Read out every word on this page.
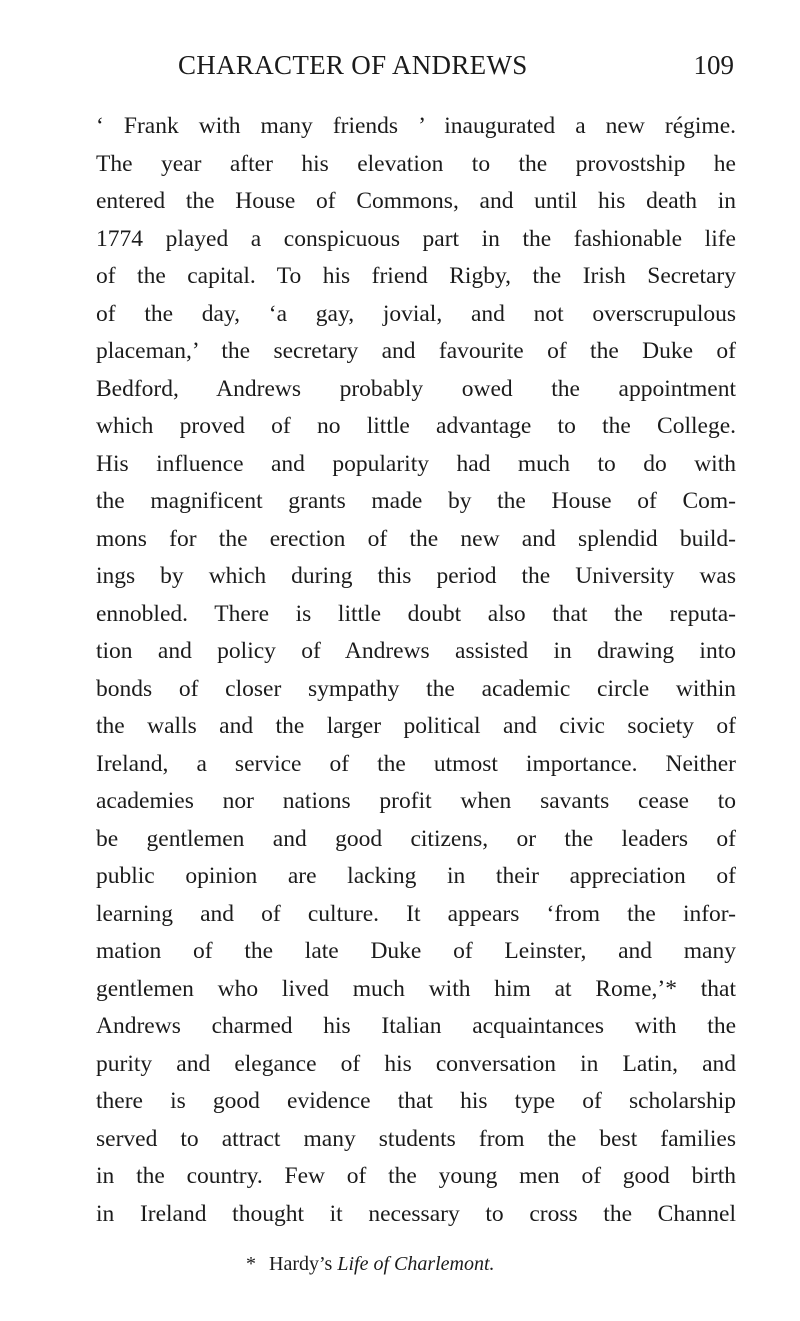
CHARACTER OF ANDREWS	109
‘ Frank with many friends ’ inaugurated a new régime.
The year after his elevation to the provostship he
entered the House of Commons, and until his death in
1774 played a conspicuous part in the fashionable life
of the capital. To his friend Rigby, the Irish Secretary
of the day, ‘a gay, jovial, and not overscrupulous
placeman,’ the secretary and favourite of the Duke of
Bedford, Andrews probably owed the appointment
which proved of no little advantage to the College.
His influence and popularity had much to do with
the magnificent grants made by the House of Com-
mons for the erection of the new and splendid build-
ings by which during this period the University was
ennobled. There is little doubt also that the reputa-
tion and policy of Andrews assisted in drawing into
bonds of closer sympathy the academic circle within
the walls and the larger political and civic society of
Ireland, a service of the utmost importance. Neither
academies nor nations profit when savants cease to
be gentlemen and good citizens, or the leaders of
public opinion are lacking in their appreciation of
learning and of culture. It appears ‘from the infor-
mation of the late Duke of Leinster, and many
gentlemen who lived much with him at Rome,’* that
Andrews charmed his Italian acquaintances with the
purity and elegance of his conversation in Latin, and
there is good evidence that his type of scholarship
served to attract many students from the best families
in the country. Few of the young men of good birth
in Ireland thought it necessary to cross the Channel
* Hardy’s Life of Charlemont.
